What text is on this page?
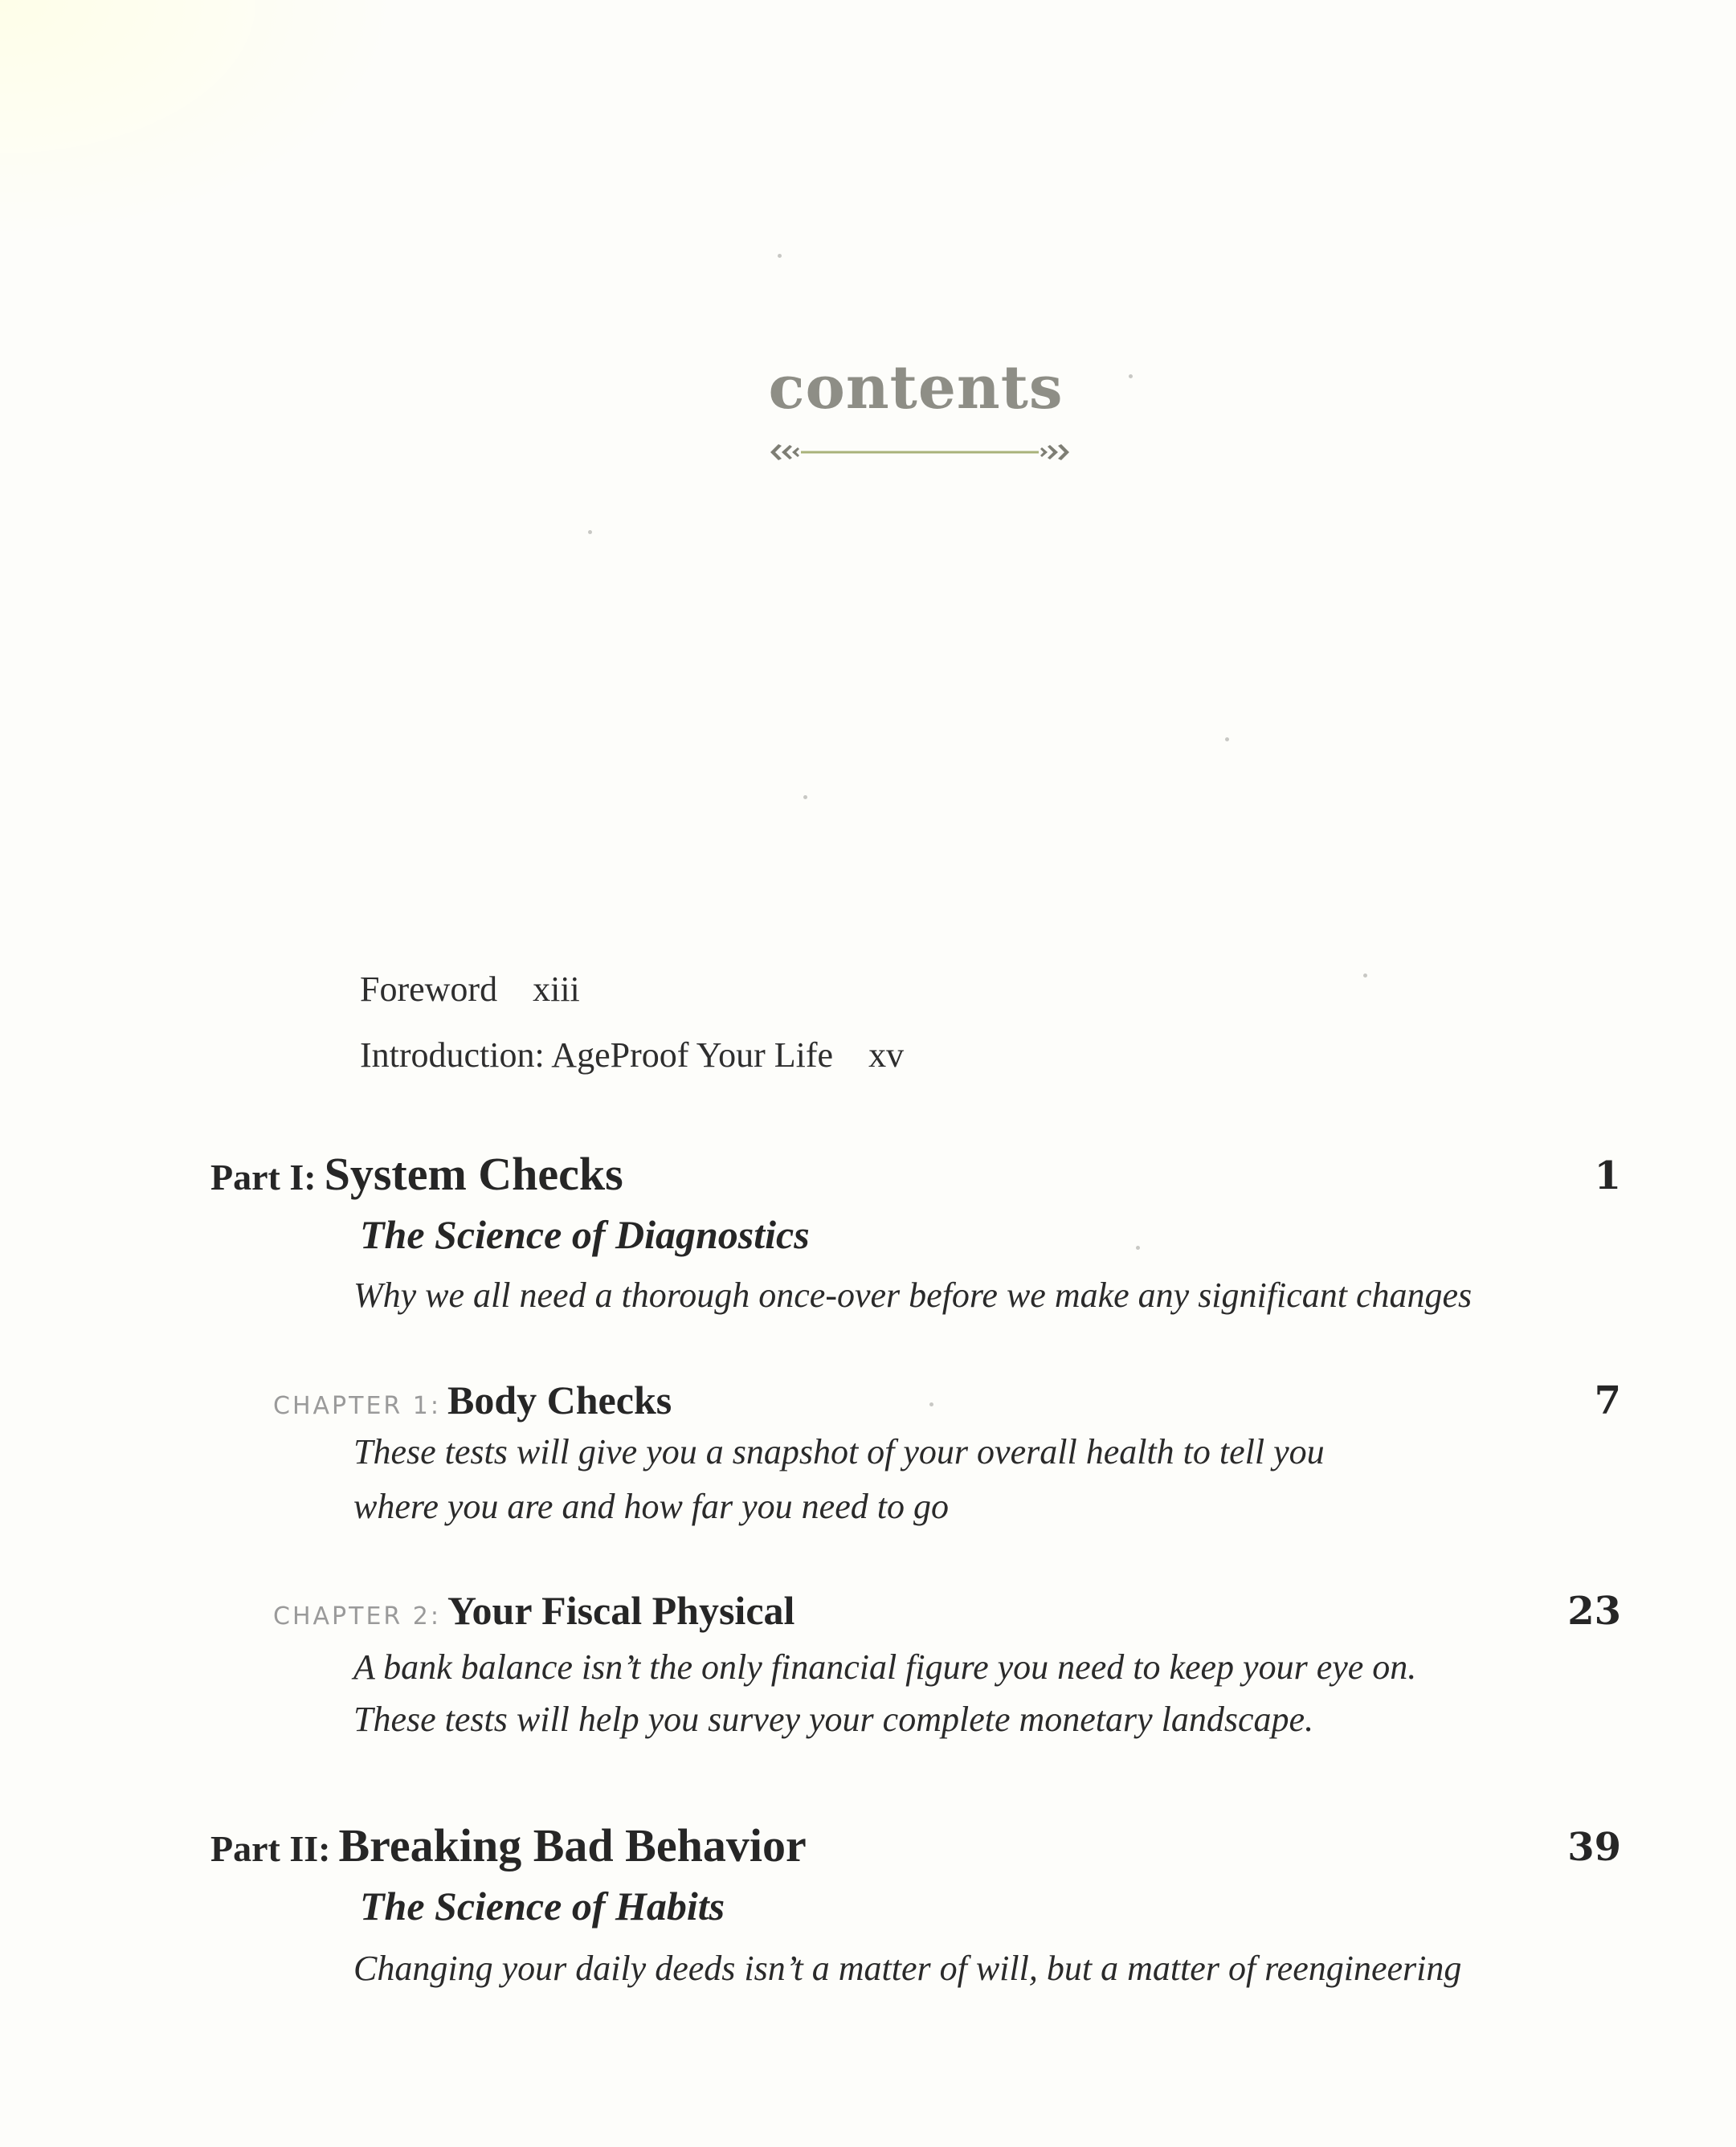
contents
Foreword xiii
Introduction: AgeProof Your Life xv
Part I: System Checks	1
The Science of Diagnostics
Why we all need a thorough once-over before we make any significant changes
CHAPTER 1: Body Checks	7
These tests will give you a snapshot of your overall health to tell you
where you are and how far you need to go
CHAPTER 2: Your Fiscal Physical	23
A bank balance isn’t the only financial figure you need to keep your eye on.
These tests will help you survey your complete monetary landscape.
Part II: Breaking Bad Behavior	39
The Science of Habits
Changing your daily deeds isn’t a matter of will, but a matter of reengineering
